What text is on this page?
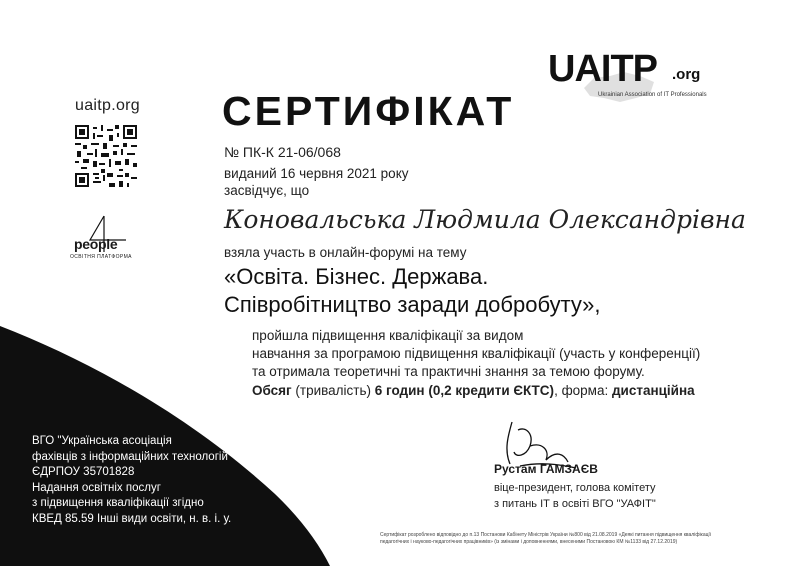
uaitp.org
people
ОСВІТНЯ ПЛАТФОРМА
UAITP .org
Ukrainian Association of IT Professionals
СЕРТИФІКАТ
№ ПК-К 21-06/068
виданий 16 червня 2021 року
засвідчує, що
Коновальська Людмила Олександрівна
взяла участь в онлайн-форумі на тему
«Освіта. Бізнес. Держава.
Співробітництво заради добробуту»,
пройшла підвищення кваліфікації за видом
навчання за програмою підвищення кваліфікації (участь у конференції)
та отримала теоретичні та практичні знання за темою форуму.
Обсяг (тривалість) 6 годин (0,2 кредити ЄКТС), форма: дистанційна
ВГО "Українська асоціація
фахівців з інформаційних технологій"
ЄДРПОУ 35701828
Надання освітніх послуг
з підвищення кваліфікації згідно
КВЕД 85.59 Інші види освіти, н. в. і. у.
Рустам ГАМЗАЄВ
віце-президент, голова комітету
з питань ІТ в освіті ВГО "УАФІТ"
Сертифікат розроблено відповідно до п.13 Постанови Кабінету Міністрів України №800 від 21.08.2019 «Деякі питання підвищення кваліфікації
педагогічних і науково-педагогічних працівників» (із змінами і доповненнями, внесеними Постановою КМ №1133 від 27.12.2019)
